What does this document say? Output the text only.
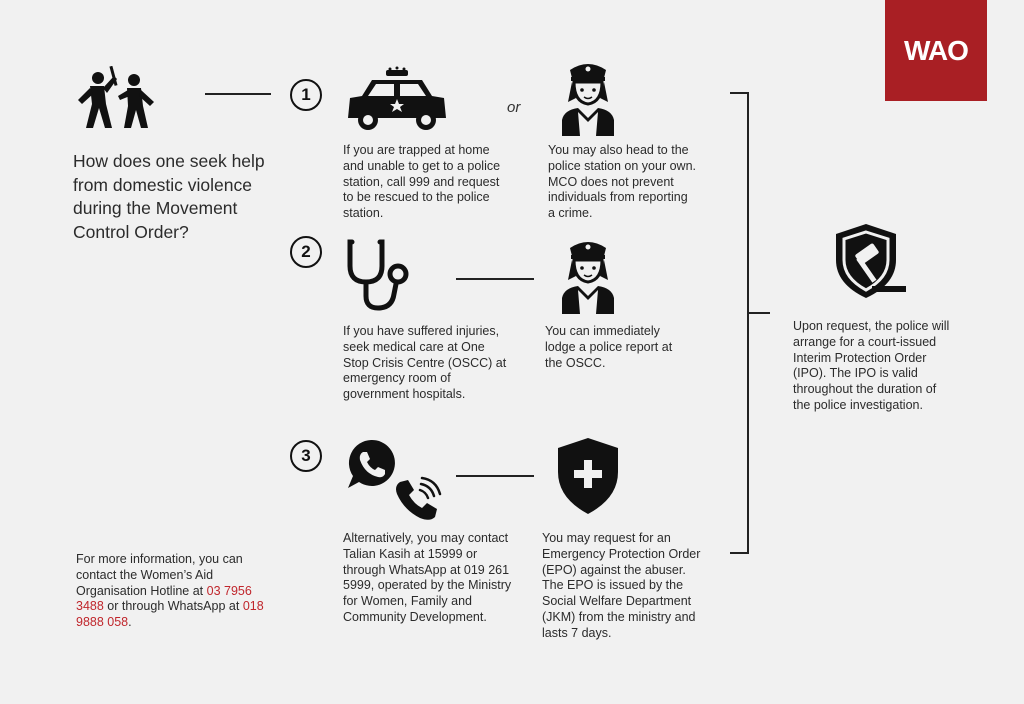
WAO
How does one seek help from domestic violence during the Movement Control Order?
1
or
If you are trapped at home and unable to get to a police station, call 999 and request to be rescued to the police station.
You may also head to the police station on your own. MCO does not prevent individuals from reporting a crime.
2
If you have suffered injuries, seek medical care at One Stop Crisis Centre (OSCC) at emergency room of government hospitals.
You can immediately lodge a police report at the OSCC.
3
Alternatively, you may contact Talian Kasih at 15999 or through WhatsApp at 019 261 5999, operated by the Ministry for Women, Family and Community Development.
You may request for an Emergency Protection Order (EPO) against the abuser. The EPO is issued by the Social Welfare Department (JKM) from the ministry and lasts 7 days.
Upon request, the police will arrange for a court-issued Interim Protection Order (IPO). The IPO is valid throughout the duration of the police investigation.
For more information, you can contact the Women’s Aid Organisation Hotline at 03 7956 3488 or through WhatsApp at 018 9888 058.
